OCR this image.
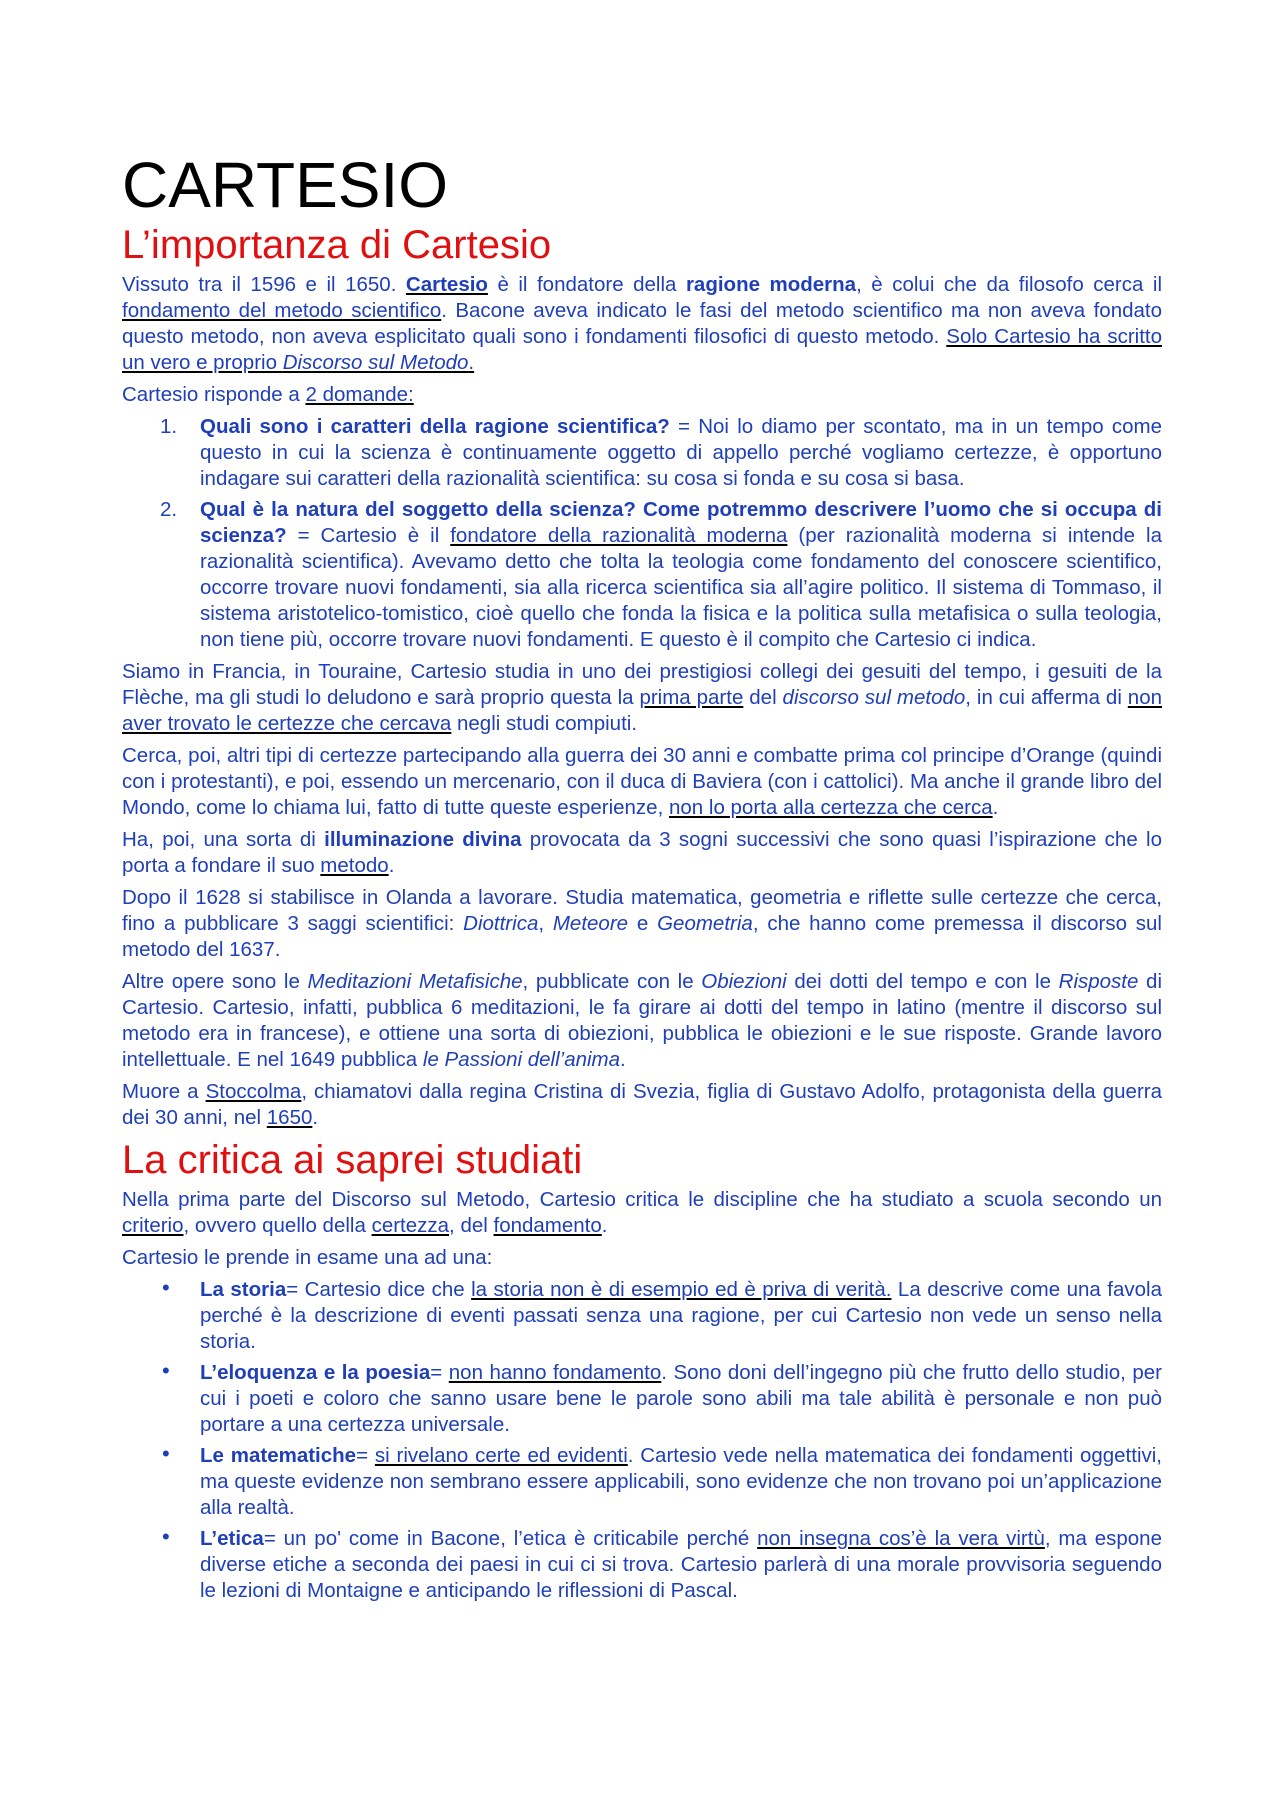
CARTESIO
L’importanza di Cartesio

Vissuto tra il 1596 e il 1650. Cartesio è il fondatore della ragione moderna, è colui che da filosofo cerca il fondamento del metodo scientifico. Bacone aveva indicato le fasi del metodo scientifico ma non aveva fondato questo metodo, non aveva esplicitato quali sono i fondamenti filosofici di questo metodo. Solo Cartesio ha scritto un vero e proprio Discorso sul Metodo.

Cartesio risponde a 2 domande:

1. Quali sono i caratteri della ragione scientifica? = Noi lo diamo per scontato, ma in un tempo come questo in cui la scienza è continuamente oggetto di appello perché vogliamo certezze, è opportuno indagare sui caratteri della razionalità scientifica: su cosa si fonda e su cosa si basa.
2. Qual è la natura del soggetto della scienza? Come potremmo descrivere l’uomo che si occupa di scienza? = Cartesio è il fondatore della razionalità moderna (per razionalità moderna si intende la razionalità scientifica). Avevamo detto che tolta la teologia come fondamento del conoscere scientifico, occorre trovare nuovi fondamenti, sia alla ricerca scientifica sia all’agire politico. Il sistema di Tommaso, il sistema aristotelico-tomistico, cioè quello che fonda la fisica e la politica sulla metafisica o sulla teologia, non tiene più, occorre trovare nuovi fondamenti. E questo è il compito che Cartesio ci indica.

Siamo in Francia, in Touraine, Cartesio studia in uno dei prestigiosi collegi dei gesuiti del tempo, i gesuiti de la Flèche, ma gli studi lo deludono e sarà proprio questa la prima parte del discorso sul metodo, in cui afferma di non aver trovato le certezze che cercava negli studi compiuti.

Cerca, poi, altri tipi di certezze partecipando alla guerra dei 30 anni e combatte prima col principe d’Orange (quindi con i protestanti), e poi, essendo un mercenario, con il duca di Baviera (con i cattolici). Ma anche il grande libro del Mondo, come lo chiama lui, fatto di tutte queste esperienze, non lo porta alla certezza che cerca.

Ha, poi, una sorta di illuminazione divina provocata da 3 sogni successivi che sono quasi l’ispirazione che lo porta a fondare il suo metodo.

Dopo il 1628 si stabilisce in Olanda a lavorare. Studia matematica, geometria e riflette sulle certezze che cerca, fino a pubblicare 3 saggi scientifici: Diottrica, Meteore e Geometria, che hanno come premessa il discorso sul metodo del 1637.

Altre opere sono le Meditazioni Metafisiche, pubblicate con le Obiezioni dei dotti del tempo e con le Risposte di Cartesio. Cartesio, infatti, pubblica 6 meditazioni, le fa girare ai dotti del tempo in latino (mentre il discorso sul metodo era in francese), e ottiene una sorta di obiezioni, pubblica le obiezioni e le sue risposte. Grande lavoro intellettuale. E nel 1649 pubblica le Passioni dell’anima.

Muore a Stoccolma, chiamatovi dalla regina Cristina di Svezia, figlia di Gustavo Adolfo, protagonista della guerra dei 30 anni, nel 1650.

La critica ai saprei studiati

Nella prima parte del Discorso sul Metodo, Cartesio critica le discipline che ha studiato a scuola secondo un criterio, ovvero quello della certezza, del fondamento.

Cartesio le prende in esame una ad una:

• La storia= Cartesio dice che la storia non è di esempio ed è priva di verità. La descrive come una favola perché è la descrizione di eventi passati senza una ragione, per cui Cartesio non vede un senso nella storia.
• L’eloquenza e la poesia= non hanno fondamento. Sono doni dell’ingegno più che frutto dello studio, per cui i poeti e coloro che sanno usare bene le parole sono abili ma tale abilità è personale e non può portare a una certezza universale.
• Le matematiche= si rivelano certe ed evidenti. Cartesio vede nella matematica dei fondamenti oggettivi, ma queste evidenze non sembrano essere applicabili, sono evidenze che non trovano poi un’applicazione alla realtà.
• L’etica= un po' come in Bacone, l’etica è criticabile perché non insegna cos’è la vera virtù, ma espone diverse etiche a seconda dei paesi in cui ci si trova. Cartesio parlerà di una morale provvisoria seguendo le lezioni di Montaigne e anticipando le riflessioni di Pascal.
